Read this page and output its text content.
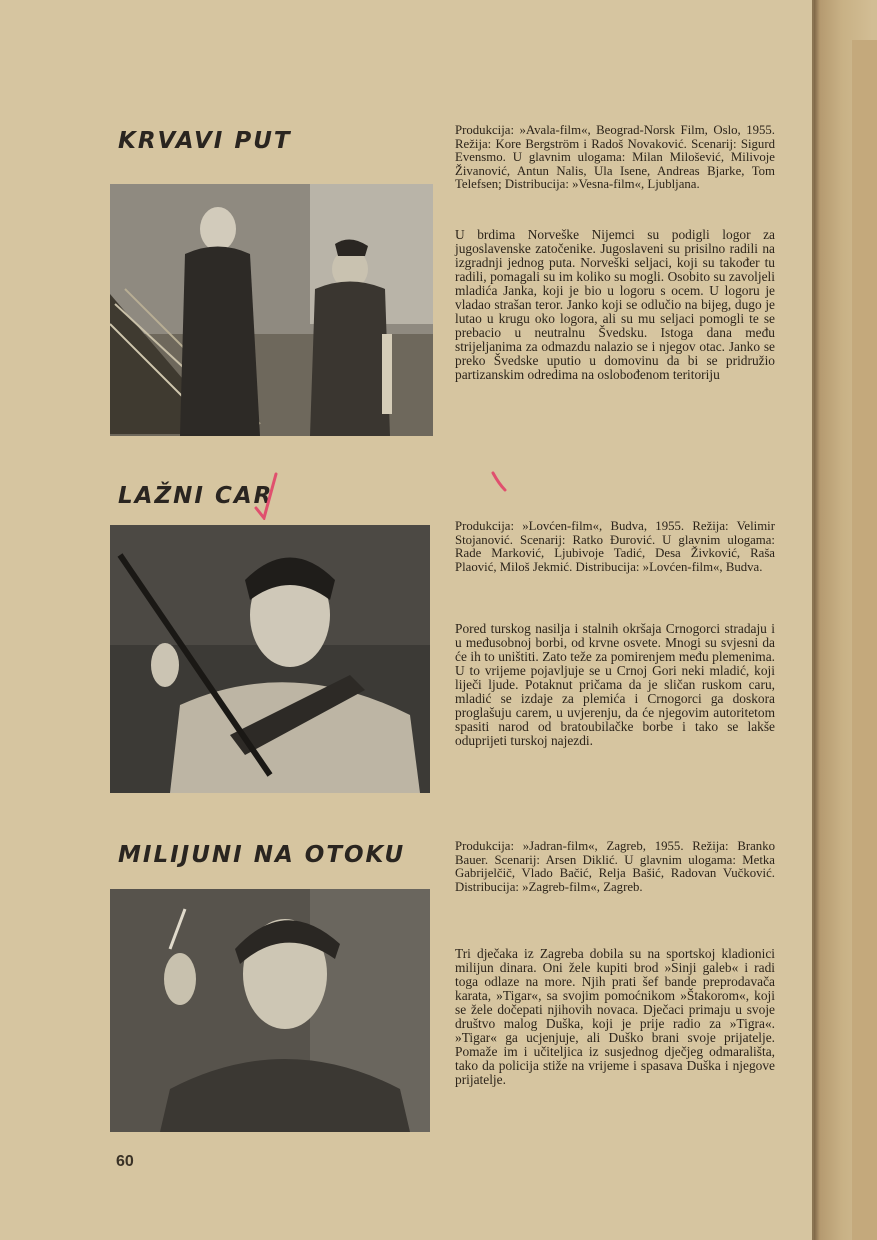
KRVAVI PUT	Produkcija: »Avala-film«, Beograd-Norsk Film, Oslo, 1955. Režija: Kore Bergström i Radoš Novaković. Scenarij: Sigurd Evensmo. U glavnim ulogama: Milan Milošević, Milivoje Živanović, Antun Nalis, Ula Isene, Andreas Bjarke, Tom Telefsen; Distribucija: »Vesna-film«, Ljubljana.

U brdima Norveške Nijemci su podigli logor za jugoslavenske zatočenike. Jugoslaveni su prisilno radili na izgradnji jednog puta. Norveški seljaci, koji su također tu radili, pomagali su im koliko su mogli. Osobito su zavoljeli mladića Janka, koji je bio u logoru s ocem. U logoru je vladao strašan teror. Janko koji se odlučio na bijeg, dugo je lutao u krugu oko logora, ali su mu seljaci pomogli te se prebacio u neutralnu Švedsku. Istoga dana među strijeljanima za odmazdu nalazio se i njegov otac. Janko se preko Švedske uputio u domovinu da bi se pridružio partizanskim odredima na oslobođenom teritoriju

LAŽNI CAR

Produkcija: »Lovćen-film«, Budva, 1955. Režija: Velimir Stojanović. Scenarij: Ratko Đurović. U glavnim ulogama: Rade Marković, Ljubivoje Tadić, Desa Živković, Raša Plaović, Miloš Jekmić. Distribucija: »Lovćen-film«, Budva.

Pored turskog nasilja i stalnih okršaja Crnogorci stradaju i u međusobnoj borbi, od krvne osvete. Mnogi su svjesni da će ih to uništiti. Zato teže za pomirenjem među plemenima. U to vrijeme pojavljuje se u Crnoj Gori neki mladić, koji liječi ljude. Potaknut pričama da je sličan ruskom caru, mladić se izdaje za plemića i Crnogorci ga doskora proglašuju carem, u uvjerenju, da će njegovim autoritetom spasiti narod od bratoubilačke borbe i tako se lakše oduprijeti turskoj najezdi.

MILIJUNI NA OTOKU	Produkcija: »Jadran-film«, Zagreb, 1955. Režija: Branko Bauer. Scenarij: Arsen Diklić. U glavnim ulogama: Metka Gabrijelčič, Vlado Bačić, Relja Bašić, Radovan Vučković. Distribucija: »Zagreb-film«, Zagreb.

Tri dječaka iz Zagreba dobila su na sportskoj kladionici milijun dinara. Oni žele kupiti brod »Sinji galeb« i radi toga odlaze na more. Njih prati šef bande preprodavača karata, »Tigar«, sa svojim pomoćnikom »Štakorom«, koji se žele dočepati njihovih novaca. Dječaci primaju u svoje društvo malog Duška, koji je prije radio za »Tigra«. »Tigar« ga ucjenjuje, ali Duško brani svoje prijatelje. Pomaže im i učiteljica iz susjednog dječjeg odmarališta, tako da policija stiže na vrijeme i spasava Duška i njegove prijatelje.

60
